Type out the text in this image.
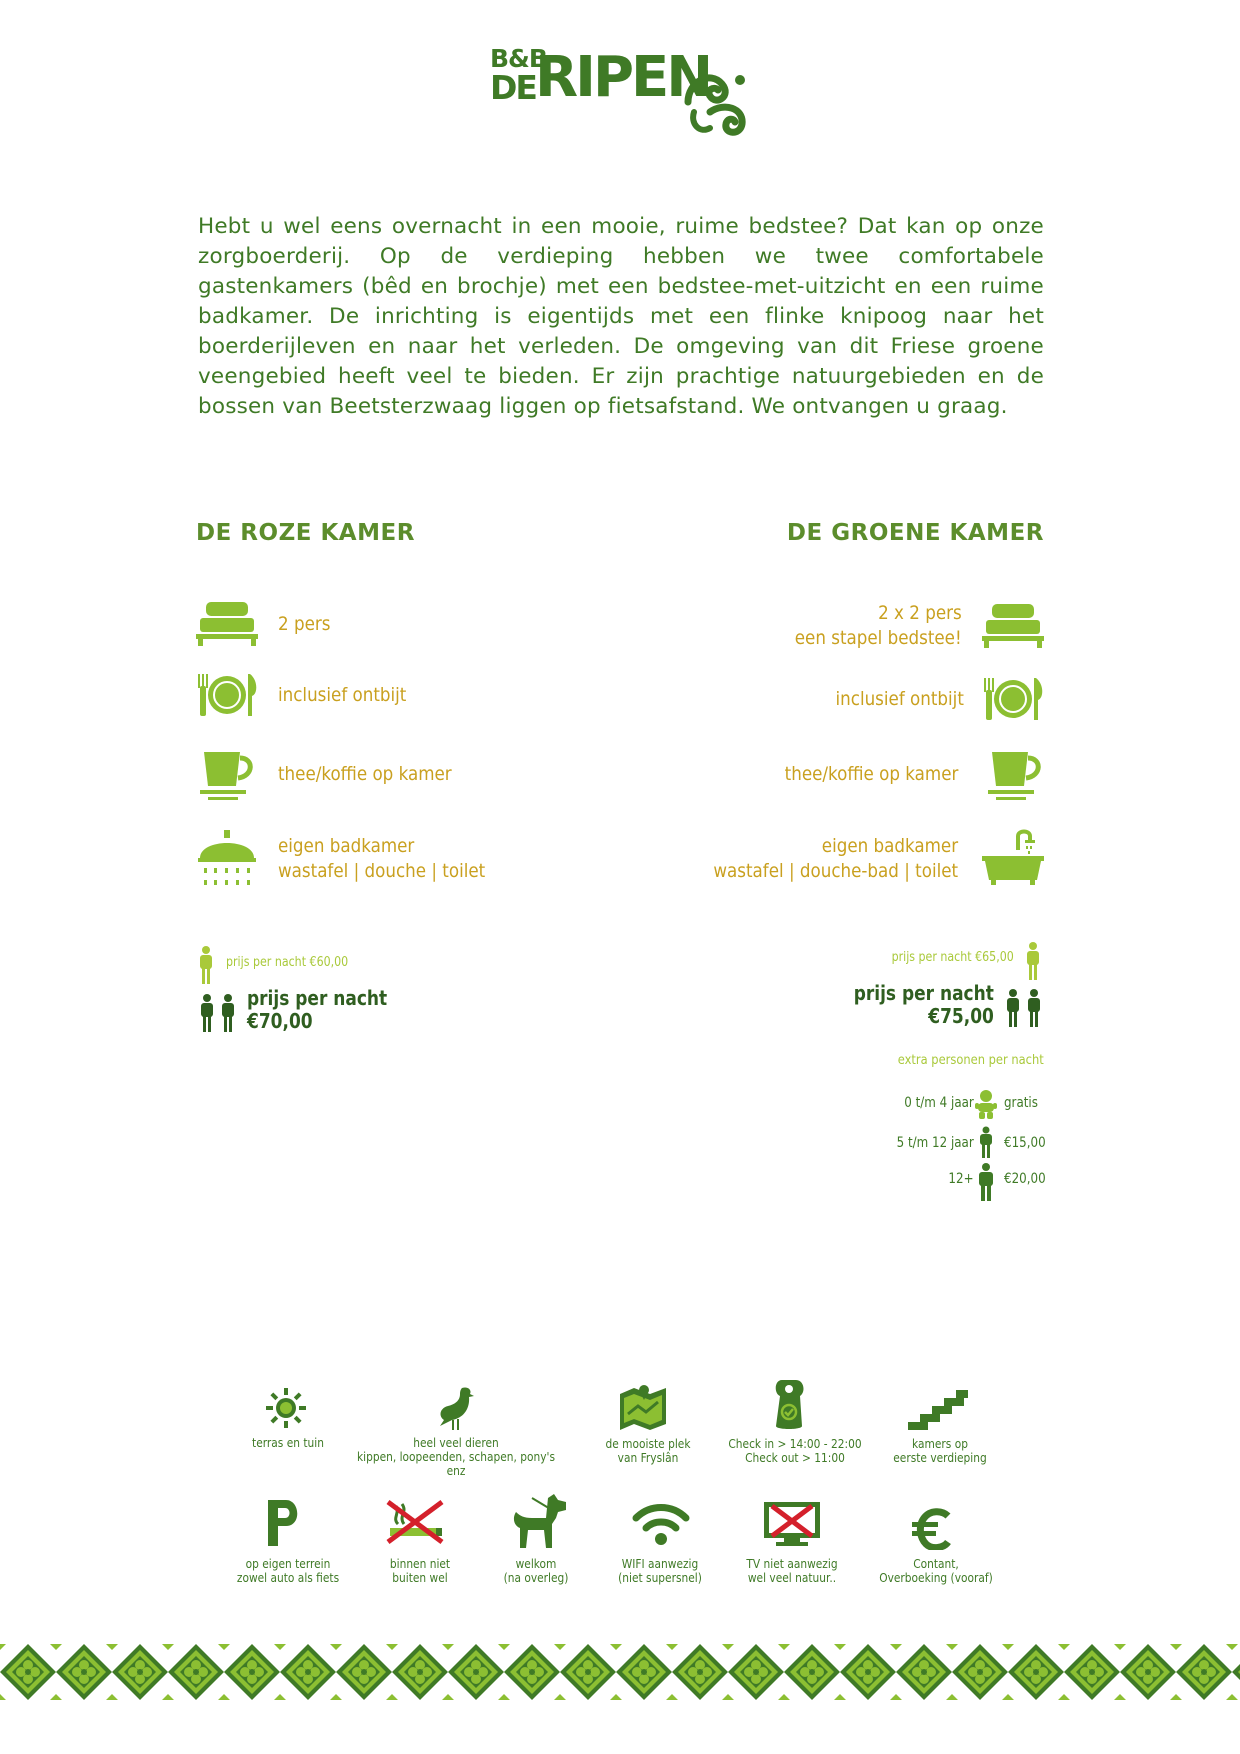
B&B
DE RIPEN
Hebt u wel eens overnacht in een mooie, ruime bedstee? Dat kan op onze zorgboerderij. Op de verdieping hebben we twee comfortabele gastenkamers (bêd en brochje) met een bedstee-met-uitzicht en een ruime badkamer. De inrichting is eigentijds met een flinke knipoog naar het boerderijleven en naar het verleden. De omgeving van dit Friese groene veengebied heeft veel te bieden. Er zijn prachtige natuurgebieden en de bossen van Beetsterzwaag liggen op fietsafstand. We ontvangen u graag.
DE ROZE KAMER	DE GROENE KAMER
2 pers
inclusief ontbijt
thee/koffie op kamer
eigen badkamer
wastafel | douche | toilet
prijs per nacht €60,00
prijs per nacht
€70,00
2 x 2 pers
een stapel bedstee!
inclusief ontbijt
thee/koffie op kamer
eigen badkamer
wastafel | douche-bad | toilet
prijs per nacht €65,00
prijs per nacht
€75,00
extra personen per nacht
0 t/m 4 jaar gratis
5 t/m 12 jaar €15,00
12+ €20,00
terras en tuin	heel veel dieren
kippen, loopeenden, schapen, pony's enz
de mooiste plek
van Fryslân
Check in > 14:00 - 22:00
Check out > 11:00
kamers op
eerste verdieping
op eigen terrein
zowel auto als fiets
binnen niet
buiten wel
welkom
(na overleg)
WIFI aanwezig
(niet supersnel)
TV niet aanwezig
wel veel natuur..
Contant,
Overboeking (vooraf)
